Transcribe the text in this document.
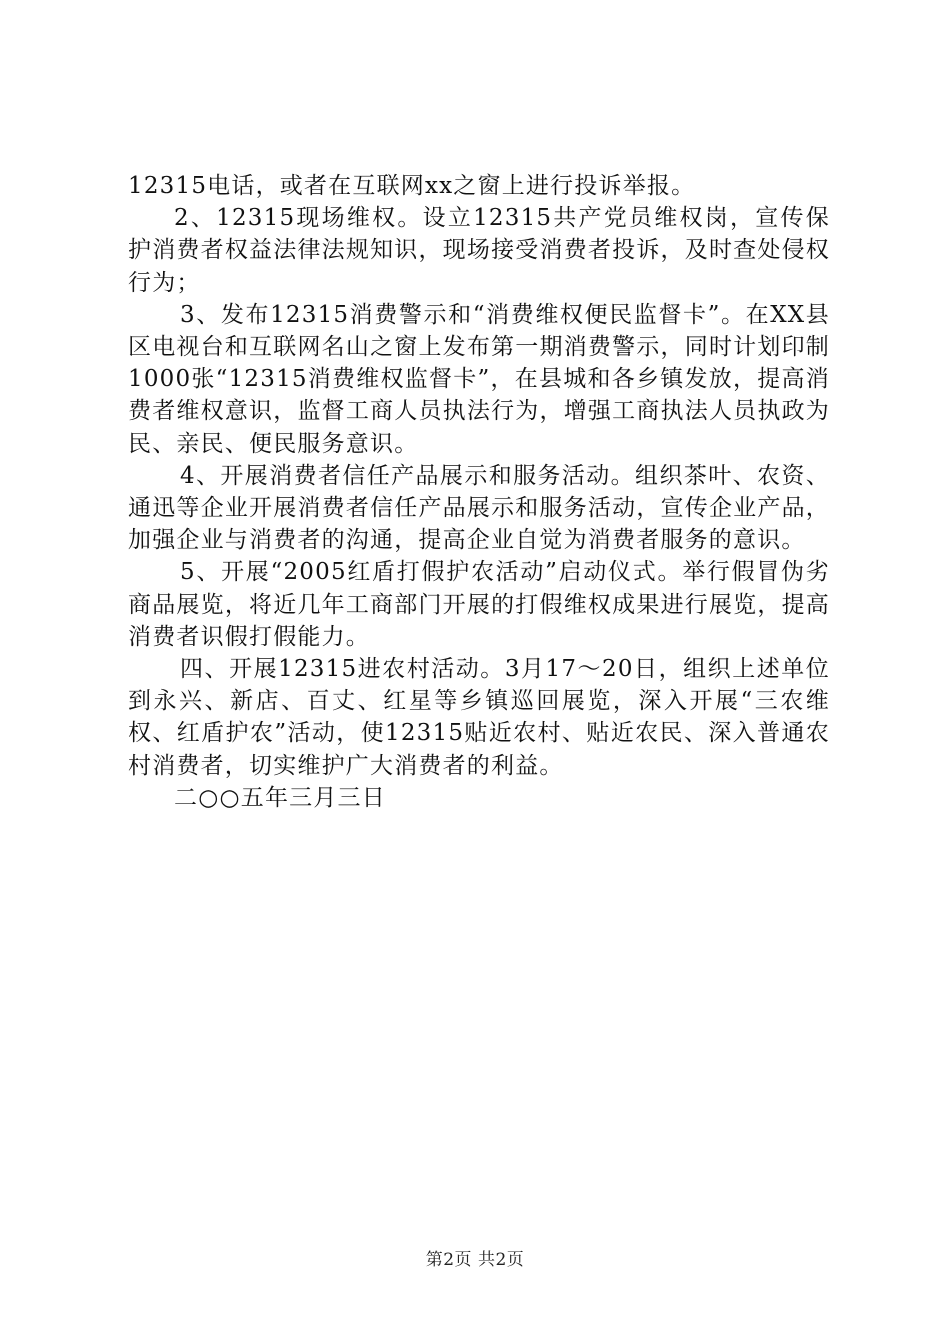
12315电话，或者在互联网xx之窗上进行投诉举报。

2、12315现场维权。设立12315共产党员维权岗，宣传保护消费者权益法律法规知识，现场接受消费者投诉，及时查处侵权行为；

3、发布12315消费警示和“消费维权便民监督卡”。在XX县区电视台和互联网名山之窗上发布第一期消费警示，同时计划印制1000张“12315消费维权监督卡”，在县城和各乡镇发放，提高消费者维权意识，监督工商人员执法行为，增强工商执法人员执政为民、亲民、便民服务意识。

4、开展消费者信任产品展示和服务活动。组织茶叶、农资、通迅等企业开展消费者信任产品展示和服务活动，宣传企业产品，加强企业与消费者的沟通，提高企业自觉为消费者服务的意识。

5、开展“2005红盾打假护农活动”启动仪式。举行假冒伪劣商品展览，将近几年工商部门开展的打假维权成果进行展览，提高消费者识假打假能力。

四、开展12315进农村活动。3月17～20日，组织上述单位到永兴、新店、百丈、红星等乡镇巡回展览，深入开展“三农维权、红盾护农”活动，使12315贴近农村、贴近农民、深入普通农村消费者，切实维护广大消费者的利益。

二○○五年三月三日

第2页 共2页
